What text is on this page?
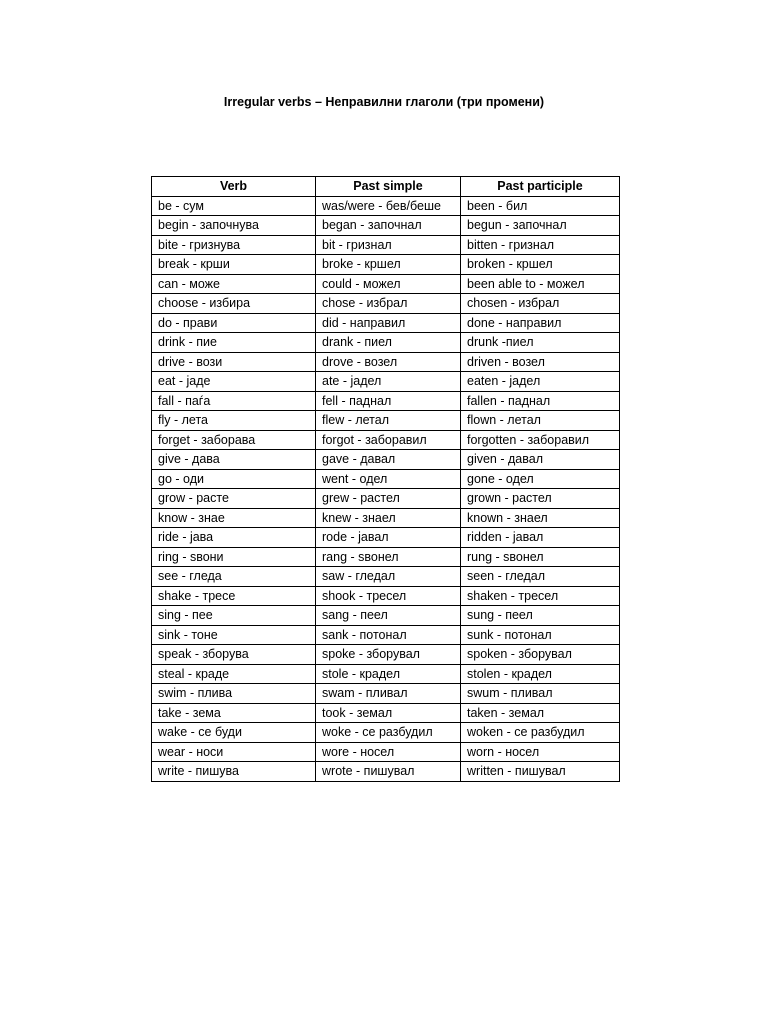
Irregular verbs – Неправилни глаголи (три промени)
Verb	Past simple	Past participle
be - сум	was/were - бев/беше	been - бил
begin - започнува	began - започнал	begun - започнал
bite - гризнува	bit - гризнал	bitten - гризнал
break - крши	broke - кршел	broken - кршел
can - може	could - можел	been able to - можел
choose - избира	chose - избрал	chosen - избрал
do - прави	did - направил	done - направил
drink - пие	drank - пиел	drunk -пиел
drive - вози	drove - возел	driven - возел
eat - јаде	ate - јадел	eaten - јадел
fall - паѓа	fell - паднал	fallen - паднал
fly - лета	flew - летал	flown - летал
forget - заборава	forgot - заборавил	forgotten - заборавил
give - дава	gave - давал	given - давал
go - оди	went - одел	gone - одел
grow - расте	grew - растел	grown - растел
know - знае	knew - знаел	known - знаел
ride - јава	rode - јавал	ridden - јавал
ring - ѕвони	rang - ѕвонел	rung - ѕвонел
see - гледа	saw - гледал	seen - гледал
shake - тресе	shook - тресел	shaken - тресел
sing - пее	sang - пеел	sung - пеел
sink - тоне	sank - потонал	sunk - потонал
speak - зборува	spoke - зборувал	spoken - зборувал
steal - краде	stole - крадел	stolen - крадел
swim - плива	swam - пливал	swum - пливал
take - зема	took - земал	taken - земал
wake - се буди	woke - се разбудил	woken - се разбудил
wear - носи	wore - носел	worn - носел
write - пишува	wrote - пишувал	written - пишувал
